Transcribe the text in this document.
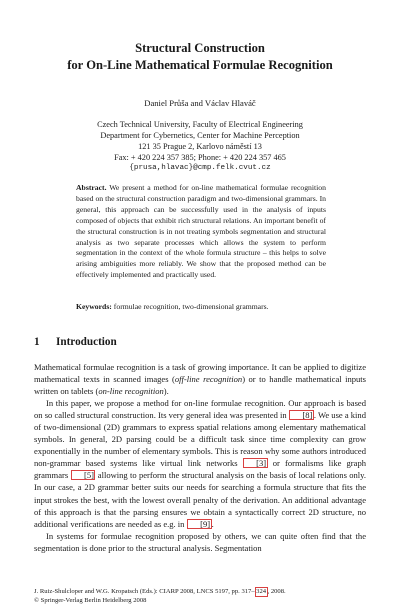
Structural Construction
for On-Line Mathematical Formulae Recognition
Daniel Průša and Václav Hlaváč
Czech Technical University, Faculty of Electrical Engineering
Department for Cybernetics, Center for Machine Perception
121 35 Prague 2, Karlovo náměstí 13
Fax: + 420 224 357 385; Phone: + 420 224 357 465
{prusa,hlavac}@cmp.felk.cvut.cz
Abstract. We present a method for on-line mathematical formulae recognition based on the structural construction paradigm and two-dimensional grammars. In general, this approach can be successfully used in the analysis of inputs composed of objects that exhibit rich structural relations. An important benefit of the structural construction is in not treating symbols segmentation and structural analysis as two separate processes which allows the system to perform segmentation in the context of the whole formula structure – this helps to solve arising ambiguities more reliably. We show that the proposed method can be effectively implemented and practically used.
Keywords: formulae recognition, two-dimensional grammars.
1 Introduction

Mathematical formulae recognition is a task of growing importance. It can be applied to digitize mathematical texts in scanned images (off-line recognition) or to handle mathematical inputs written on tablets (on-line recognition).

In this paper, we propose a method for on-line formulae recognition. Our approach is based on so called structural construction. Its very general idea was presented in [8] . We use a kind of two-dimensional (2D) grammars to express spatial relations among elementary mathematical symbols. In general, 2D parsing could be a difficult task since time complexity can grow exponentially in the number of elementary symbols. This is reason why some authors introduced non-grammar based systems like virtual link networks [3] or formalisms like graph grammars [5] allowing to perform the structural analysis on the basis of local relations only. In our case, a 2D grammar better suits our needs for searching a formula structure that fits the input strokes the best, with the lowest overall penalty of the derivation. An additional advantage of this approach is that the parsing ensures we obtain a syntactically correct 2D structure, no additional verifications are needed as e.g. in [9] .

In systems for formulae recognition proposed by others, we can quite often find that the segmentation is done prior to the structural analysis. Segmentation

J. Ruiz-Shulcloper and W.G. Kropatsch (Eds.): CIARP 2008, LNCS 5197, pp. 317– 324 , 2008.
© Springer-Verlag Berlin Heidelberg 2008
